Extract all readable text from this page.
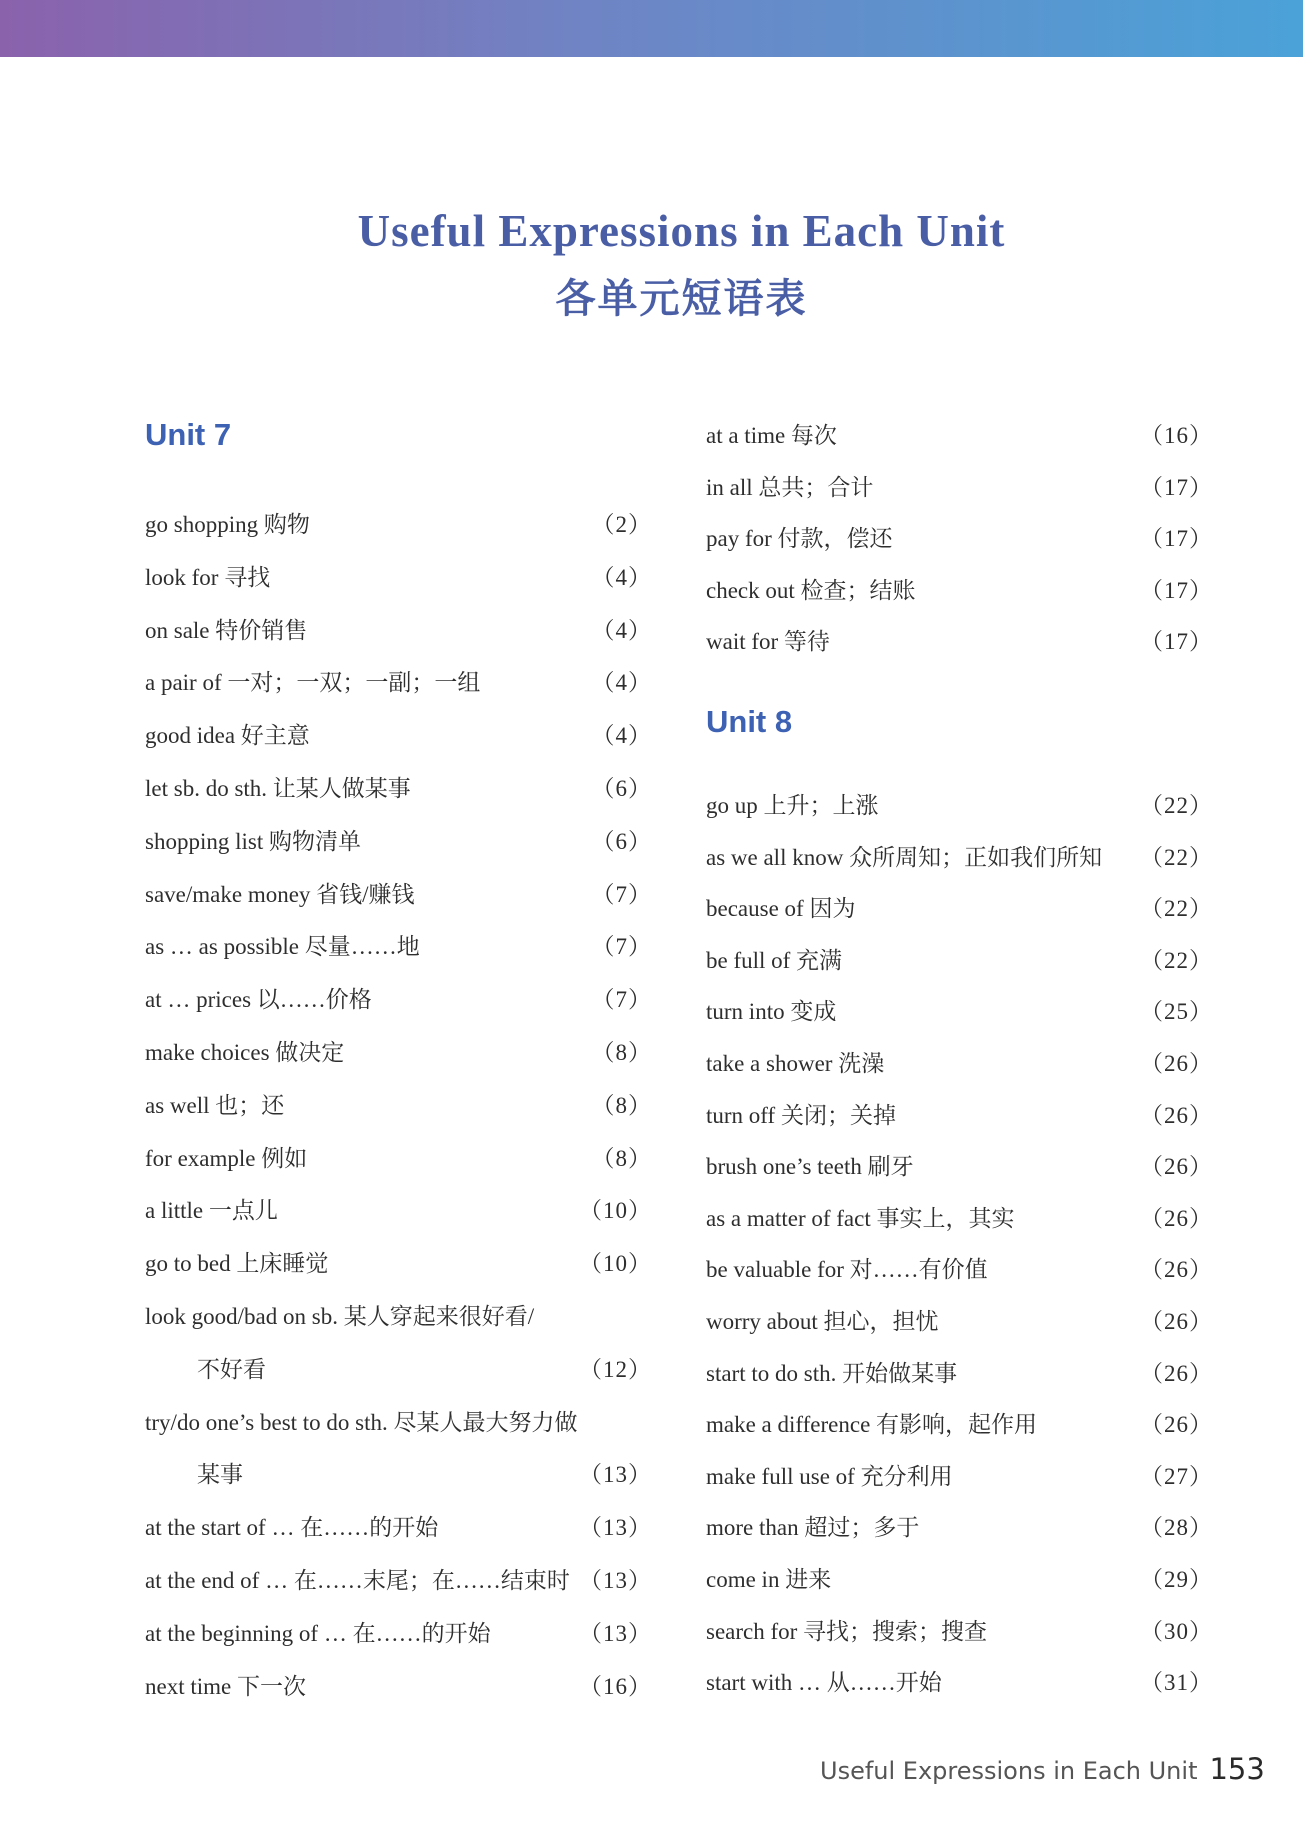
Useful Expressions in Each Unit
各单元短语表
Unit 7
go shopping 购物	（2）
look for 寻找	（4）
on sale 特价销售	（4）
a pair of 一对；一双；一副；一组	（4）
good idea 好主意	（4）
let sb. do sth. 让某人做某事	（6）
shopping list 购物清单	（6）
save/make money 省钱/赚钱	（7）
as … as possible 尽量……地	（7）
at … prices 以……价格	（7）
make choices 做决定	（8）
as well 也；还	（8）
for example 例如	（8）
a little 一点儿	（10）
go to bed 上床睡觉	（10）
look good/bad on sb. 某人穿起来很好看/
不好看	（12）
try/do one’s best to do sth. 尽某人最大努力做
某事	（13）
at the start of … 在……的开始	（13）
at the end of … 在……末尾；在……结束时 （13）
at the beginning of … 在……的开始	（13）
next time 下一次	（16）
at a time 每次	（16）
in all 总共；合计	（17）
pay for 付款，偿还	（17）
check out 检查；结账	（17）
wait for 等待	（17）
Unit 8
go up 上升；上涨	（22）
as we all know 众所周知；正如我们所知 （22）
because of 因为	（22）
be full of 充满	（22）
turn into 变成	（25）
take a shower 洗澡	（26）
turn off 关闭；关掉	（26）
brush one’s teeth 刷牙	（26）
as a matter of fact 事实上，其实	（26）
be valuable for 对……有价值	（26）
worry about 担心，担忧	（26）
start to do sth. 开始做某事	（26）
make a difference 有影响，起作用	（26）
make full use of 充分利用	（27）
more than 超过；多于	（28）
come in 进来	（29）
search for 寻找；搜索；搜查	（30）
start with … 从……开始	（31）
Useful Expressions in Each Unit 153
